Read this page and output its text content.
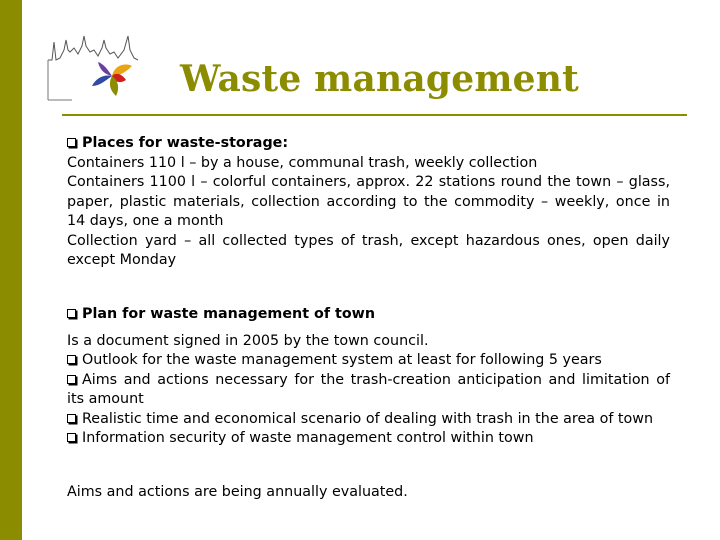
Waste management

Places for waste-storage:

Containers 110 l – by a house, communal trash, weekly collection

Containers 1100 l – colorful containers, approx. 22 stations round the town – glass, paper, plastic materials, collection according to the commodity – weekly, once in 14 days, one a month

Collection yard – all collected types of trash, except hazardous ones, open daily except Monday

Plan for waste management of town

Is a document signed in 2005 by the town council.

Outlook for the waste management system at least for following 5 years

Aims and actions necessary for the trash-creation anticipation and limitation of its amount

Realistic time and economical scenario of dealing with trash in the area of town

Information security of waste management control within town

Aims and actions are being annually evaluated.
